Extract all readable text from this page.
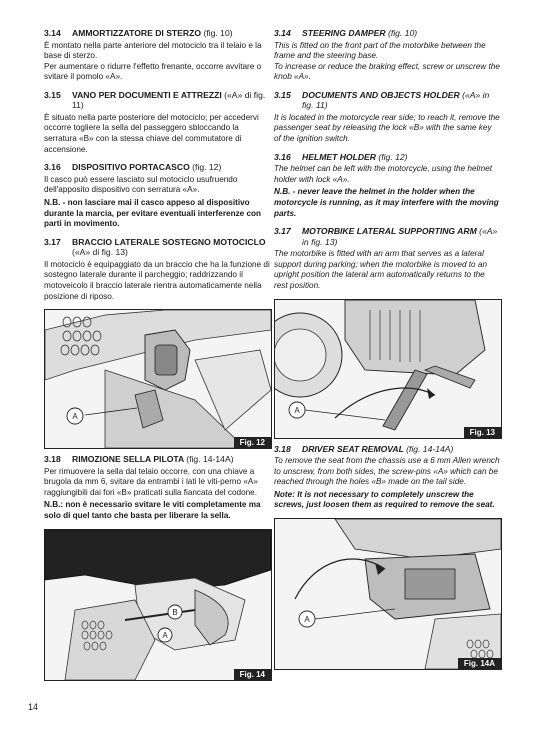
3.14	AMMORTIZZATORE DI STERZO (fig. 10)
È montato nella parte anteriore del motociclo tra il telaio e la base di sterzo.
Per aumentare o ridurre l'effetto frenante, occorre avvitare o svitare il pomolo «A».
3.15	VANO PER DOCUMENTI E ATTREZZI («A» di fig. 11)
È situato nella parte posteriore del motociclo; per accedervi occorre togliere la sella del passeggero sbloccando la serratura «B» con la stessa chiave del commutatore di accensione.
3.16	DISPOSITIVO PORTACASCO (fig. 12)
Il casco può essere lasciato sul motociclo usufruendo dell'apposito dispositivo con serratura «A».
N.B. - non lasciare mai il casco appeso al dispositivo durante la marcia, per evitare eventuali interferenze con parti in movimento.
3.17	BRACCIO LATERALE SOSTEGNO MOTOCICLO («A» di fig. 13)
Il motociclo è equipaggiato da un braccio che ha la funzione di sostegno laterale durante il parcheggio; raddrizzando il motoveicolo il braccio laterale rientra automaticamente nella posizione di riposo.
A
Fig. 12
3.18	RIMOZIONE SELLA PILOTA (fig. 14-14A)
Per rimuovere la sella dal telaio occorre, con una chiave a brugola da mm 6, svitare da entrambi i lati le viti-perno «A» raggiungibili dai fori «B» praticati sulla fiancata del codone.
N.B.: non è necessario svitare le viti completamente ma solo di quel tanto che basta per liberare la sella.
B
A
Fig. 14
3.14	STEERING DAMPER (fig. 10)
This is fitted on the front part of the motorbike between the frame and the steering base.
To increase or reduce the braking effect, screw or unscrew the knob «A».
3.15	DOCUMENTS AND OBJECTS HOLDER («A» in fig. 11)
It is located in the motorcycle rear side; to reach it, remove the passenger seat by releasing the lock «B» with the same key of the ignition switch.
3.16	HELMET HOLDER (fig. 12)
The helmet can be left with the motorcycle, using the helmet holder with lock «A».
N.B. - never leave the helmet in the holder when the motorcycle is running, as it may interfere with the moving parts.
3.17	MOTORBIKE LATERAL SUPPORTING ARM («A» in fig. 13)
The motorbike is fitted with an arm that serves as a lateral support during parking; when the motorbike is moved to an upright position the lateral arm automatically returns to the rest position.
A
Fig. 13
3.18	DRIVER SEAT REMOVAL (fig. 14-14A)
To remove the seat from the chassis use a 6 mm Allen wrench to unscrew, from both sides, the screw-pins «A» which can be reached through the holes «B» made on the tail side.
Note: It is not necessary to completely unscrew the screws, just loosen them as required to remove the seat.
A
Fig. 14A
14
